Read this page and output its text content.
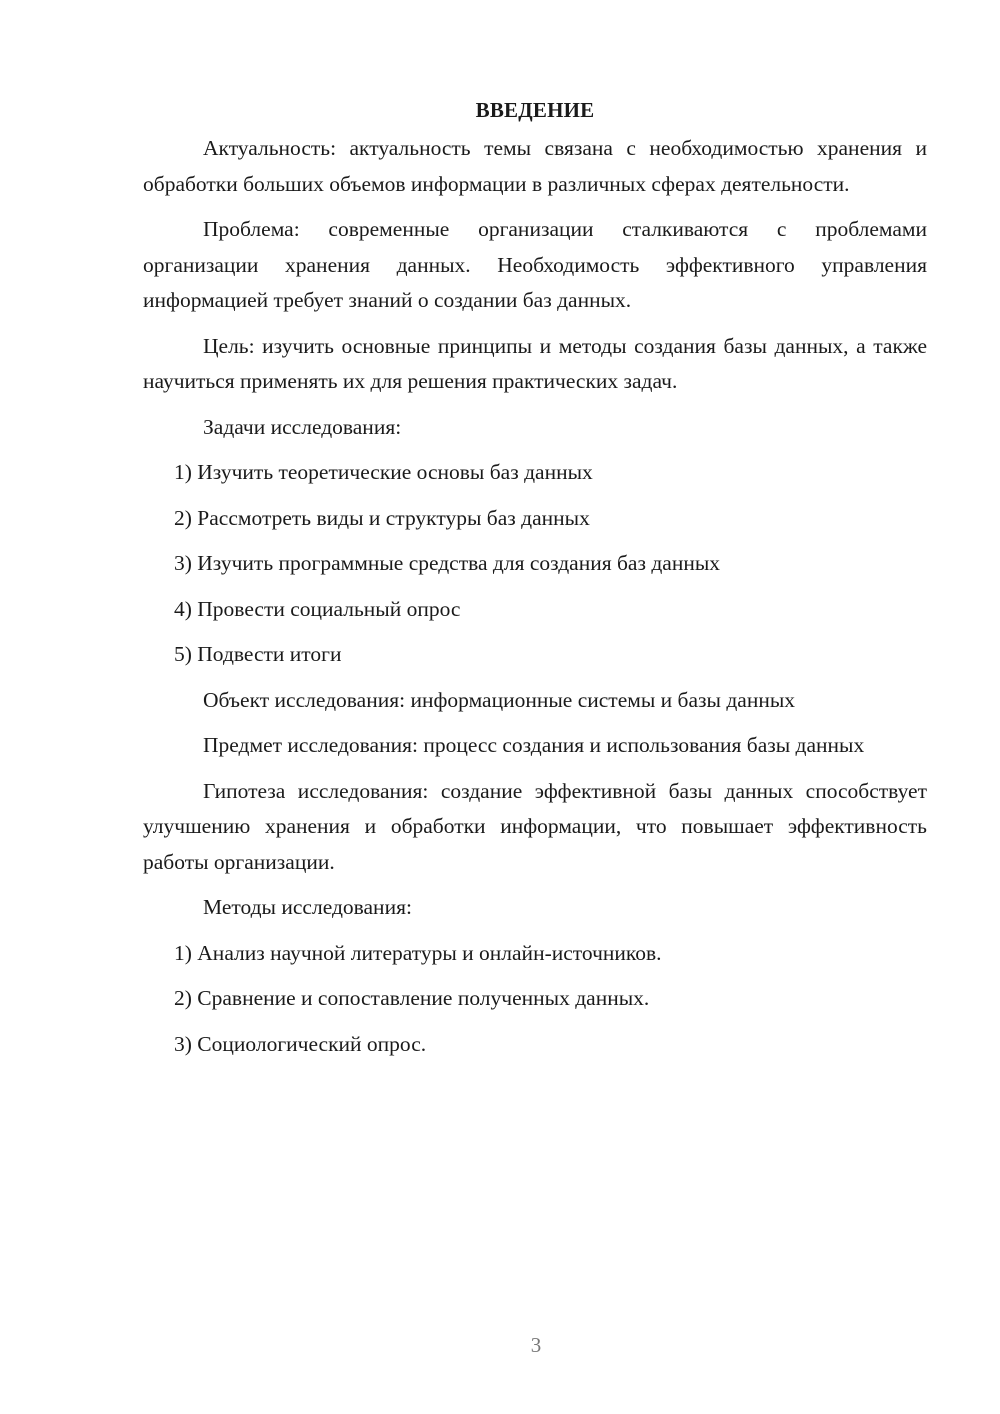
ВВЕДЕНИЕ

Актуальность: актуальность темы связана с необходимостью хранения и обработки больших объемов информации в различных сферах деятельности.

Проблема: современные организации сталкиваются с проблемами организации хранения данных. Необходимость эффективного управления информацией требует знаний о создании баз данных.

Цель: изучить основные принципы и методы создания базы данных, а также научиться применять их для решения практических задач.

Задачи исследования:

1) Изучить теоретические основы баз данных
2) Рассмотреть виды и структуры баз данных
3) Изучить программные средства для создания баз данных
4) Провести социальный опрос
5) Подвести итоги

Объект исследования: информационные системы и базы данных

Предмет исследования: процесс создания и использования базы данных

Гипотеза исследования: создание эффективной базы данных способствует улучшению хранения и обработки информации, что повышает эффективность работы организации.

Методы исследования:

1) Анализ научной литературы и онлайн-источников.
2) Сравнение и сопоставление полученных данных.
3) Социологический опрос.
3
